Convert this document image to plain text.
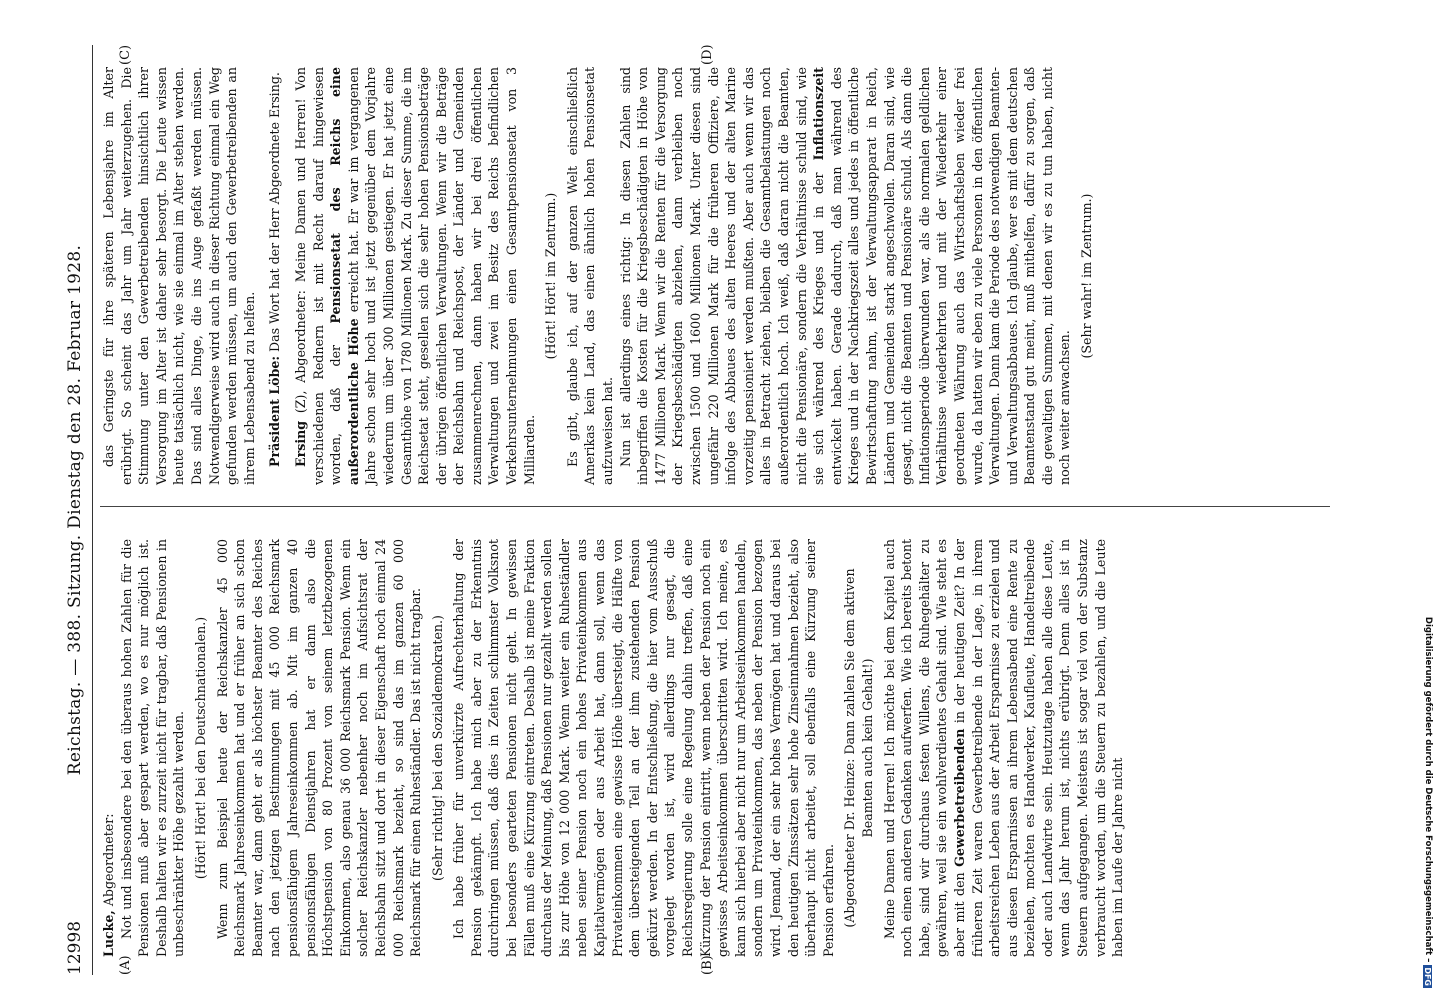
12998
Reichstag. — 388. Sitzung. Dienstag den 28. Februar 1928.
(A)	(B)
(C)	(D)

Lucke, Abgeordneter: Not und insbesondere bei den überaus hohen Zahlen für die Pensionen muß aber gespart werden, wo es nur möglich ist. Deshalb halten wir es zurzeit nicht für tragbar, daß Pensionen in unbeschränkter Höhe gezahlt werden. (Hört! Hört! bei den Deutschnationalen.) Wenn zum Beispiel heute der Reichskanzler 45 000 Reichsmark Jahreseinkommen hat und er früher an sich schon Beamter war, dann geht er als höchster Beamter des Reiches nach den jetzigen Bestimmungen mit 45 000 Reichsmark pensionsfähigem Jahreseinkommen ab. Mit im ganzen 40 pensionsfähigen Dienstjahren hat er dann also die Höchstpension von 80 Prozent von seinem letztbezogenen Einkommen, also genau 36 000 Reichsmark Pension. Wenn ein solcher Reichskanzler nebenher noch im Aufsichtsrat der Reichsbahn sitzt und dort in dieser Eigenschaft noch einmal 24 000 Reichsmark bezieht, so sind das im ganzen 60 000 Reichsmark für einen Ruheständler. Das ist nicht tragbar. (Sehr richtig! bei den Sozialdemokraten.) Ich habe früher für unverkürzte Aufrechterhaltung der Pension gekämpft. Ich habe mich aber zu der Erkenntnis durchringen müssen, daß dies in Zeiten schlimmster Volksnot bei besonders gearteten Pensionen nicht geht. In gewissen Fällen muß eine Kürzung eintreten. Deshalb ist meine Fraktion durchaus der Meinung, daß Pensionen nur gezahlt werden sollen bis zur Höhe von 12 000 Mark. Wenn weiter ein Ruheständler neben seiner Pension noch ein hohes Privateinkommen aus Kapitalvermögen oder aus Arbeit hat, dann soll, wenn das Privateinkommen eine gewisse Höhe übersteigt, die Hälfte von dem übersteigenden Teil an der ihm zustehenden Pension gekürzt werden. In der Entschließung, die hier vom Ausschuß vorgelegt worden ist, wird allerdings nur gesagt, die Reichsregierung solle eine Regelung dahin treffen, daß eine Kürzung der Pension eintritt, wenn neben der Pension noch ein gewisses Arbeitseinkommen überschritten wird. Ich meine, es kann sich hierbei aber nicht nur um Arbeitseinkommen handeln, sondern um Privateinkommen, das neben der Pension bezogen wird. Jemand, der ein sehr hohes Vermögen hat und daraus bei den heutigen Zinssätzen sehr hohe Zinseinnahmen bezieht, also überhaupt nicht arbeitet, soll ebenfalls eine Kürzung seiner Pension erfahren. (Abgeordneter Dr. Heinze: Dann zahlen Sie dem aktiven Beamten auch kein Gehalt!) Meine Damen und Herren! Ich möchte bei dem Kapitel auch noch einen anderen Gedanken aufwerfen. Wie ich bereits betont habe, sind wir durchaus festen Willens, die Ruhegehälter zu gewähren, weil sie ein wohlverdientes Gehalt sind. Wie steht es aber mit den Gewerbetreibenden in der heutigen Zeit? In der früheren Zeit waren Gewerbetreibende in der Lage, in ihrem arbeitsreichen Leben aus der Arbeit Ersparnisse zu erzielen und aus diesen Ersparnissen an ihrem Lebensabend eine Rente zu beziehen, mochten es Handwerker, Kaufleute, Handeltreibende oder auch Landwirte sein. Heutzutage haben alle diese Leute, wenn das Jahr herum ist, nichts erübrigt. Denn alles ist in Steuern aufgegangen. Meistens ist sogar viel von der Substanz verbraucht worden, um die Steuern zu bezahlen, und die Leute haben im Laufe der Jahre nicht

das Geringste für ihre späteren Lebensjahre im Alter erübrigt. So scheint das Jahr um Jahr weiterzugehen. Die Stimmung unter den Gewerbetreibenden hinsichtlich ihrer Versorgung im Alter ist daher sehr besorgt. Die Leute wissen heute tatsächlich nicht, wie sie einmal im Alter stehen werden. Das sind alles Dinge, die ins Auge gefaßt werden müssen. Notwendigerweise wird auch in dieser Richtung einmal ein Weg gefunden werden müssen, um auch den Gewerbetreibenden an ihrem Lebensabend zu helfen. Präsident Löbe: Das Wort hat der Herr Abgeordnete Ersing.

Ersing (Z), Abgeordneter: Meine Damen und Herren! Von verschiedenen Rednern ist mit Recht darauf hingewiesen worden, daß der Pensionsetat des Reichs eine außerordentliche Höhe erreicht hat. Er war im vergangenen Jahre schon sehr hoch und ist jetzt gegenüber dem Vorjahre wiederum um über 300 Millionen gestiegen. Er hat jetzt eine Gesamthöhe von 1780 Millionen Mark. Zu dieser Summe, die im Reichsetat steht, gesellen sich die sehr hohen Pensionsbeträge der übrigen öffentlichen Verwaltungen. Wenn wir die Beträge der Reichsbahn und Reichspost, der Länder und Gemeinden zusammenrechnen, dann haben wir bei drei öffentlichen Verwaltungen und zwei im Besitz des Reichs befindlichen Verkehrsunternehmungen einen Gesamtpensionsetat von 3 Milliarden.

(Hört! Hört! im Zentrum.) Es gibt, glaube ich, auf der ganzen Welt einschließlich Amerikas kein Land, das einen ähnlich hohen Pensionsetat aufzuweisen hat. Nun ist allerdings eines richtig: In diesen Zahlen sind inbegriffen die Kosten für die Kriegsbeschädigten in Höhe von 1477 Millionen Mark. Wenn wir die Renten für die Versorgung der Kriegsbeschädigten abziehen, dann verbleiben noch zwischen 1500 und 1600 Millionen Mark. Unter diesen sind ungefähr 220 Millionen Mark für die früheren Offiziere, die infolge des Abbaues des alten Heeres und der alten Marine vorzeitig pensioniert werden mußten. Aber auch wenn wir das alles in Betracht ziehen, bleiben die Gesamtbelastungen noch außerordentlich hoch. Ich weiß, daß daran nicht die Beamten, nicht die Pensionäre, sondern die Verhältnisse schuld sind, wie sie sich während des Krieges und in der Inflationszeit entwickelt haben. Gerade dadurch, daß man während des Krieges und in der Nachkriegszeit alles und jedes in öffentliche Bewirtschaftung nahm, ist der Verwaltungsapparat in Reich, Ländern und Gemeinden stark angeschwollen. Daran sind, wie gesagt, nicht die Beamten und Pensionäre schuld. Als dann die Inflationsperiode überwunden war, als die normalen geldlichen Verhältnisse wiederkehrten und mit der Wiederkehr einer geordneten Währung auch das Wirtschaftsleben wieder frei wurde, da hatten wir eben zu viele Personen in den öffentlichen Verwaltungen. Dann kam die Periode des notwendigen Beamten- und Verwaltungsabbaues. Ich glaube, wer es mit dem deutschen Beamtenstand gut meint, muß mithelfen, dafür zu sorgen, daß die gewaltigen Summen, mit denen wir es zu tun haben, nicht noch weiter anwachsen.

(Sehr wahr! im Zentrum.)

Digitalisierung gefördert durch die Deutsche Forschungsgemeinschaft –
DFG
